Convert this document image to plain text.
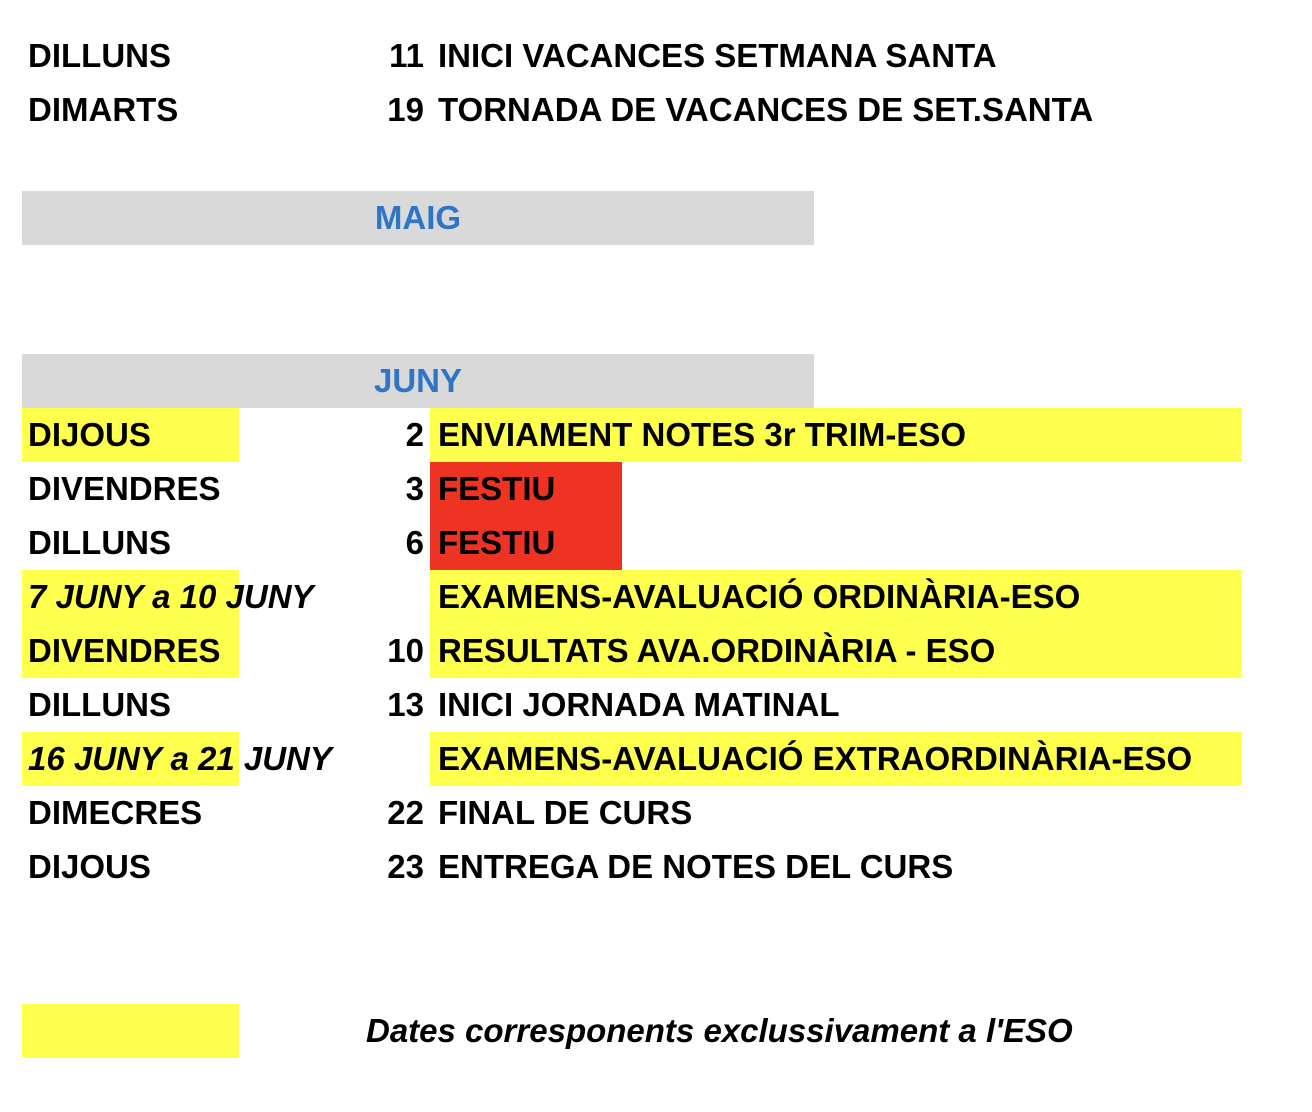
DILLUNS	11 INICI VACANCES SETMANA SANTA
DIMARTS	19 TORNADA DE VACANCES DE SET.SANTA
MAIG
JUNY
DIJOUS	2 ENVIAMENT NOTES 3r TRIM-ESO
DIVENDRES	3 FESTIU
DILLUNS	6 FESTIU
7 JUNY a 10 JUNY	EXAMENS-AVALUACIÓ ORDINÀRIA-ESO
DIVENDRES	10 RESULTATS AVA.ORDINÀRIA - ESO
DILLUNS	13 INICI JORNADA MATINAL
16 JUNY a 21 JUNY	EXAMENS-AVALUACIÓ EXTRAORDINÀRIA-ESO
DIMECRES	22 FINAL DE CURS
DIJOUS	23 ENTREGA DE NOTES DEL CURS
Dates corresponents exclussivament a l'ESO
